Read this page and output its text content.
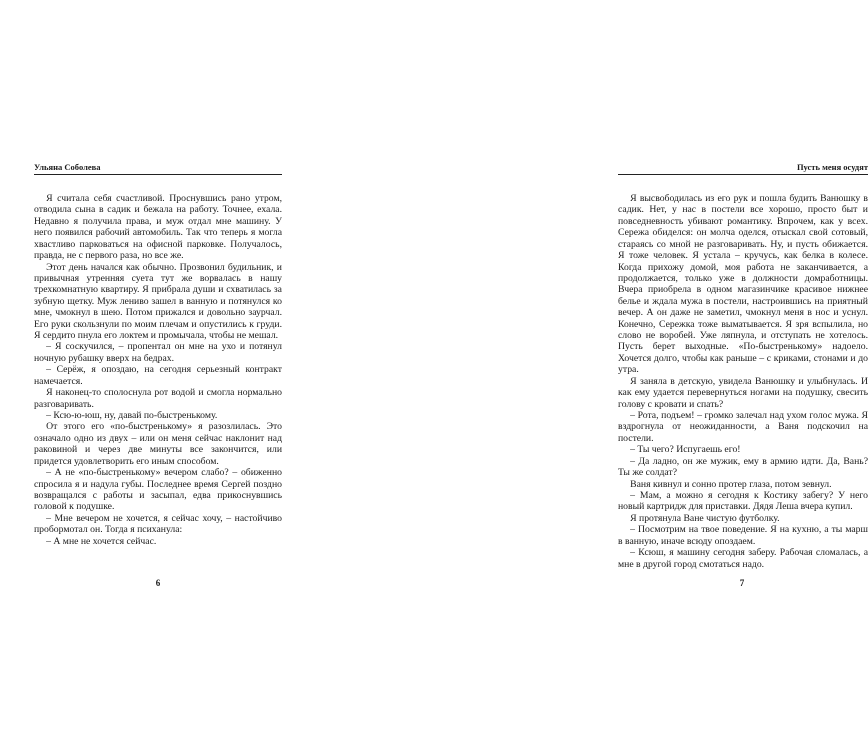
Ульяна Соболева

Я считала себя счастливой. Проснувшись рано утром, отводила сына в садик и бежала на работу. Точнее, ехала. Недавно я получила права, и муж отдал мне машину. У него появился рабочий автомобиль. Так что теперь я могла хвастливо парковаться на офисной парковке. Получалось, правда, не с первого раза, но все же.

Этот день начался как обычно. Прозвонил будильник, и привычная утренняя суета тут же ворвалась в нашу трехкомнатную квартиру. Я прибрала души и схватилась за зубную щетку. Муж лениво зашел в ванную и потянулся ко мне, чмокнул в шею. Потом прижался и довольно заурчал. Его руки скользнули по моим плечам и опустились к груди. Я сердито пнула его локтем и промычала, чтобы не мешал.

– Я соскучился, – пропентал он мне на ухо и потянул ночную рубашку вверх на бедрах.

– Серёж, я опоздаю, на сегодня серьезный контракт намечается.

Я наконец-то сполоснула рот водой и смогла нормально разговаривать.

– Ксю-ю-юш, ну, давай по-быстренькому.

От этого его «по-быстренькому» я разозлилась. Это означало одно из двух – или он меня сейчас наклонит над раковиной и через две минуты все закончится, или придется удовлетворить его иным способом.

– А не «по-быстренькому» вечером слабо? – обиженно спросила я и надула губы. Последнее время Сергей поздно возвращался с работы и засыпал, едва прикоснувшись головой к подушке.

– Мне вечером не хочется, я сейчас хочу, – настойчиво пробормотал он. Тогда я психанула:

– А мне не хочется сейчас.

6
Пусть меня осудят

Я высвободилась из его рук и пошла будить Ванюшку в садик. Нет, у нас в постели все хорошо, просто быт и повседневность убивают романтику. Впрочем, как у всех. Сережа обиделся: он молча оделся, отыскал свой сотовый, стараясь со мной не разговаривать. Ну, и пусть обижается. Я тоже человек. Я устала – кручусь, как белка в колесе. Когда прихожу домой, моя работа не заканчивается, а продолжается, только уже в должности домработницы. Вчера приобрела в одном магазинчике красивое нижнее белье и ждала мужа в постели, настроившись на приятный вечер. А он даже не заметил, чмокнул меня в нос и уснул. Конечно, Сережка тоже выматывается. Я зря вспылила, но слово не воробей. Уже ляпнула, и отступать не хотелось. Пусть берет выходные. «По-быстренькому» надоело. Хочется долго, чтобы как раньше – с криками, стонами и до утра.

Я заняла в детскую, увидела Ванюшку и улыбнулась. И как ему удается перевернуться ногами на подушку, свесить голову с кровати и спать?

– Рота, подъем! – громко залечал над ухом голос мужа. Я вздрогнула от неожиданности, а Ваня подскочил на постели.

– Ты чего? Испугаешь его!

– Да ладно, он же мужик, ему в армию идти. Да, Вань? Ты же солдат?

Ваня кивнул и сонно протер глаза, потом зевнул.

– Мам, а можно я сегодня к Костику забегу? У него новый картридж для приставки. Дядя Леша вчера купил.

Я протянула Ване чистую футболку.

– Посмотрим на твое поведение. Я на кухню, а ты марш в ванную, иначе всюду опоздаем.

– Ксюш, я машину сегодня заберу. Рабочая сломалась, а мне в другой город смотаться надо.

7
